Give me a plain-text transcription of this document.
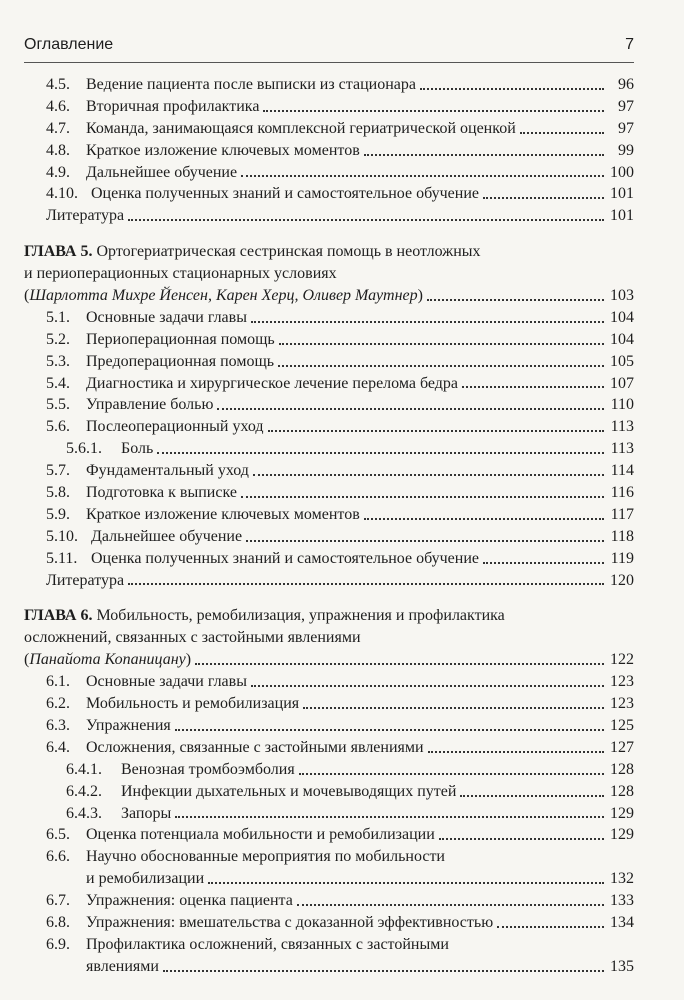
Оглавление	7
4.5.	Ведение пациента после выписки из стационара	96
4.6.	Вторичная профилактика	97
4.7.	Команда, занимающаяся комплексной гериатрической оценкой	97
4.8.	Краткое изложение ключевых моментов	99
4.9.	Дальнейшее обучение	100
4.10. Оценка полученных знаний и самостоятельное обучение	101
Литература	101
ГЛАВА 5. Ортогериатрическая сестринская помощь в неотложных
и периоперационных стационарных условиях
(Шарлотта Михре Йенсен, Карен Херц, Оливер Маутнер)	103
5.1.	Основные задачи главы	104
5.2.	Периоперационная помощь	104
5.3.	Предоперационная помощь	105
5.4.	Диагностика и хирургическое лечение перелома бедра	107
5.5.	Управление болью	110
5.6.	Послеоперационный уход	113
5.6.1.	Боль	113
5.7.	Фундаментальный уход	114
5.8.	Подготовка к выписке	116
5.9.	Краткое изложение ключевых моментов	117
5.10. Дальнейшее обучение	118
5.11. Оценка полученных знаний и самостоятельное обучение	119
Литература	120
ГЛАВА 6. Мобильность, ремобилизация, упражнения и профилактика
осложнений, связанных с застойными явлениями
(Панайота Копаницану)	122
6.1.	Основные задачи главы	123
6.2.	Мобильность и ремобилизация	123
6.3.	Упражнения	125
6.4.	Осложнения, связанные с застойными явлениями	127
6.4.1.	Венозная тромбоэмболия	128
6.4.2.	Инфекции дыхательных и мочевыводящих путей	128
6.4.3.	Запоры	129
6.5.	Оценка потенциала мобильности и ремобилизации	129
6.6.	Научно обоснованные мероприятия по мобильности
и ремобилизации	132
6.7.	Упражнения: оценка пациента	133
6.8.	Упражнения: вмешательства с доказанной эффективностью	134
6.9.	Профилактика осложнений, связанных с застойными
явлениями	135
